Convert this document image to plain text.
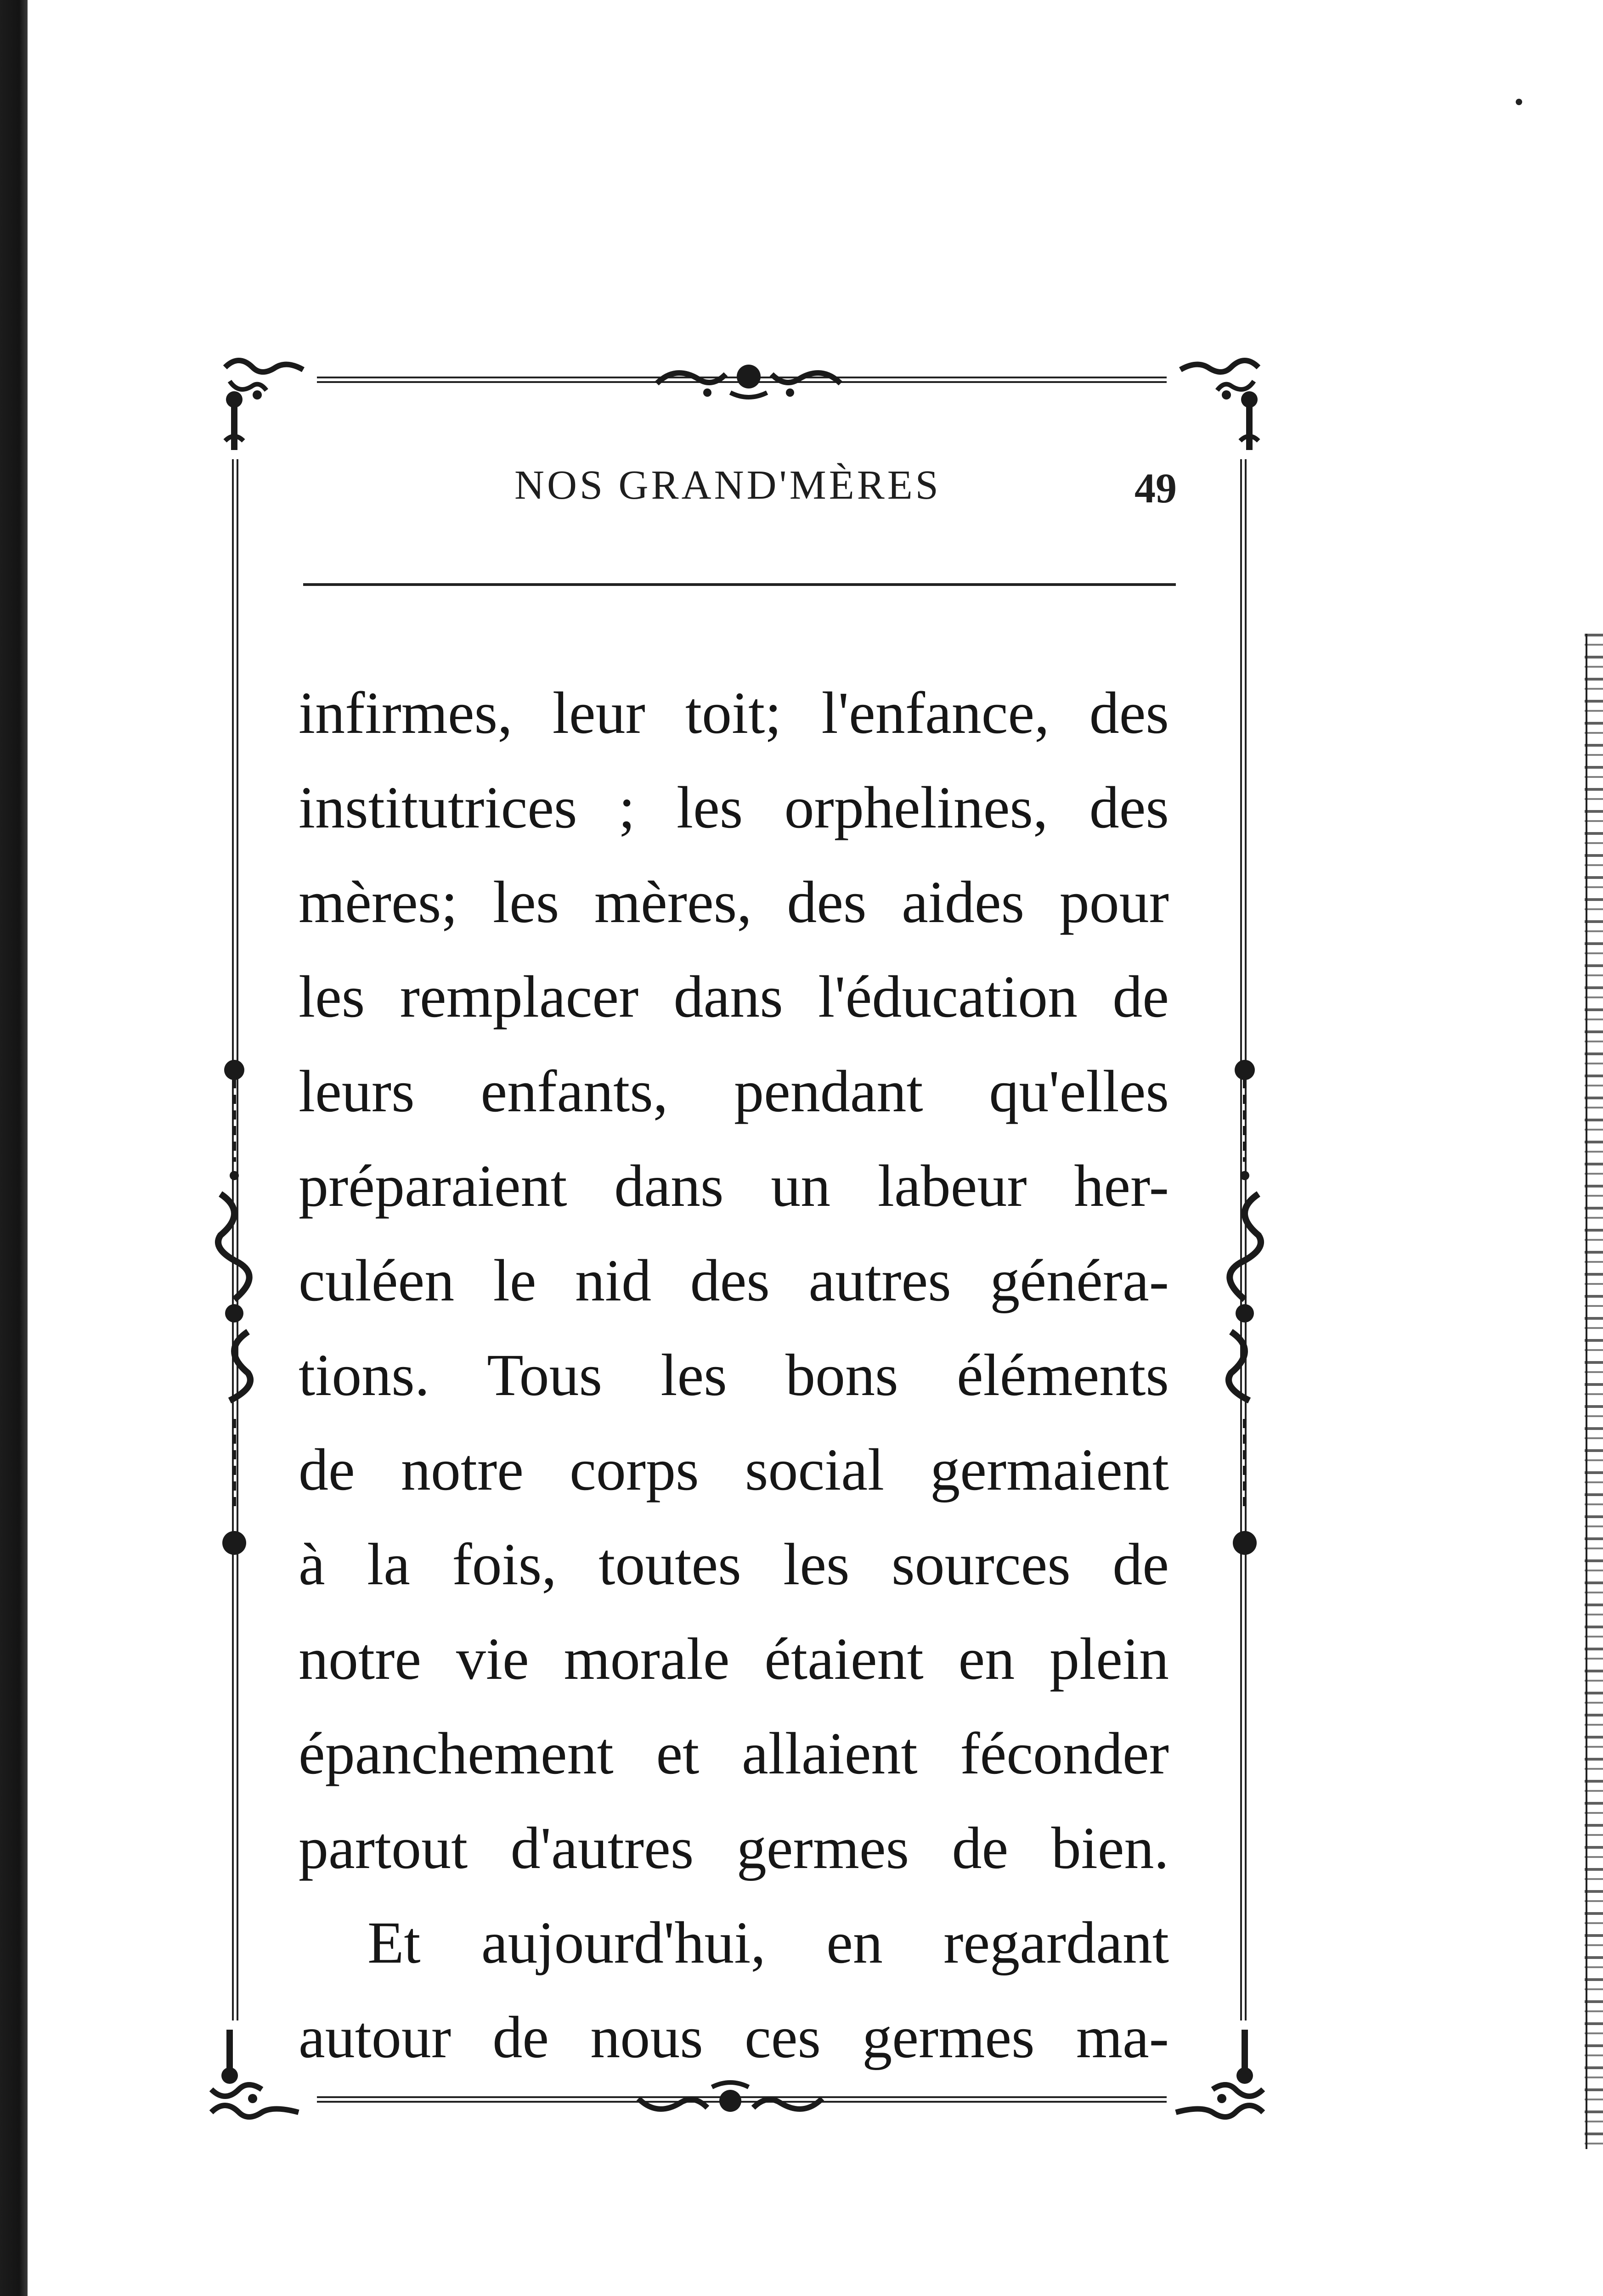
NOS GRAND'MÈRES	49
infirmes, leur toit; l'enfance, des
institutrices ; les orphelines, des
mères; les mères, des aides pour
les remplacer dans l'éducation de
leurs enfants, pendant qu'elles
préparaient dans un labeur her-
culéen le nid des autres généra-
tions. Tous les bons éléments
de notre corps social germaient
à la fois, toutes les sources de
notre vie morale étaient en plein
épanchement et allaient féconder
partout d'autres germes de bien.
Et aujourd'hui, en regardant
autour de nous ces germes ma-
